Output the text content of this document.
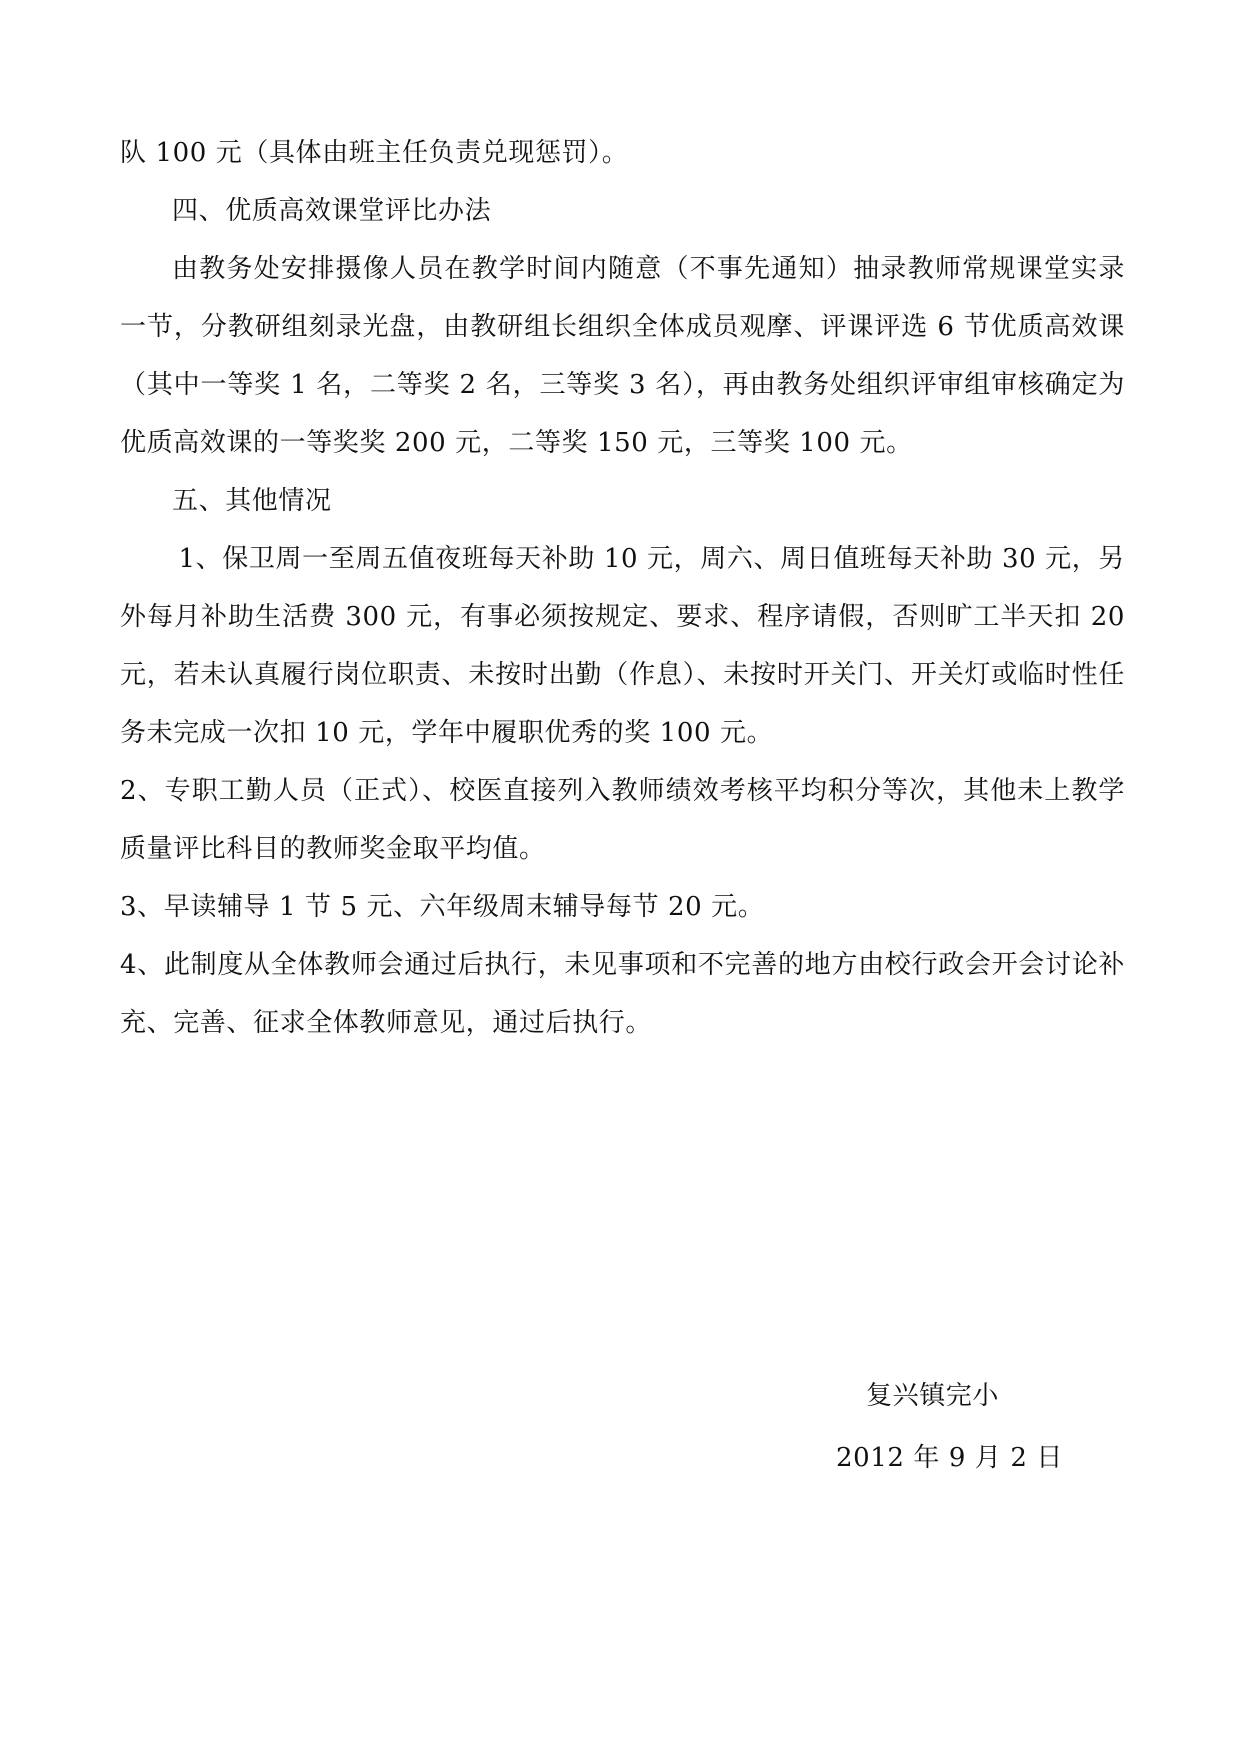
队 100 元（具体由班主任负责兑现惩罚）。

四、优质高效课堂评比办法

由教务处安排摄像人员在教学时间内随意（不事先通知）抽录教师常规课堂实录一节，分教研组刻录光盘，由教研组长组织全体成员观摩、评课评选 6 节优质高效课（其中一等奖 1 名，二等奖 2 名，三等奖 3 名），再由教务处组织评审组审核确定为优质高效课的一等奖奖 200 元，二等奖 150 元，三等奖 100 元。

五、其他情况

1、保卫周一至周五值夜班每天补助 10 元，周六、周日值班每天补助 30 元，另外每月补助生活费 300 元，有事必须按规定、要求、程序请假，否则旷工半天扣 20 元，若未认真履行岗位职责、未按时出勤（作息）、未按时开关门、开关灯或临时性任务未完成一次扣 10 元，学年中履职优秀的奖 100 元。

2、专职工勤人员（正式）、校医直接列入教师绩效考核平均积分等次，其他未上教学质量评比科目的教师奖金取平均值。

3、早读辅导 1 节 5 元、六年级周末辅导每节 20 元。

4、此制度从全体教师会通过后执行，未见事项和不完善的地方由校行政会开会讨论补充、完善、征求全体教师意见，通过后执行。

复兴镇完小
2012 年 9 月 2 日
